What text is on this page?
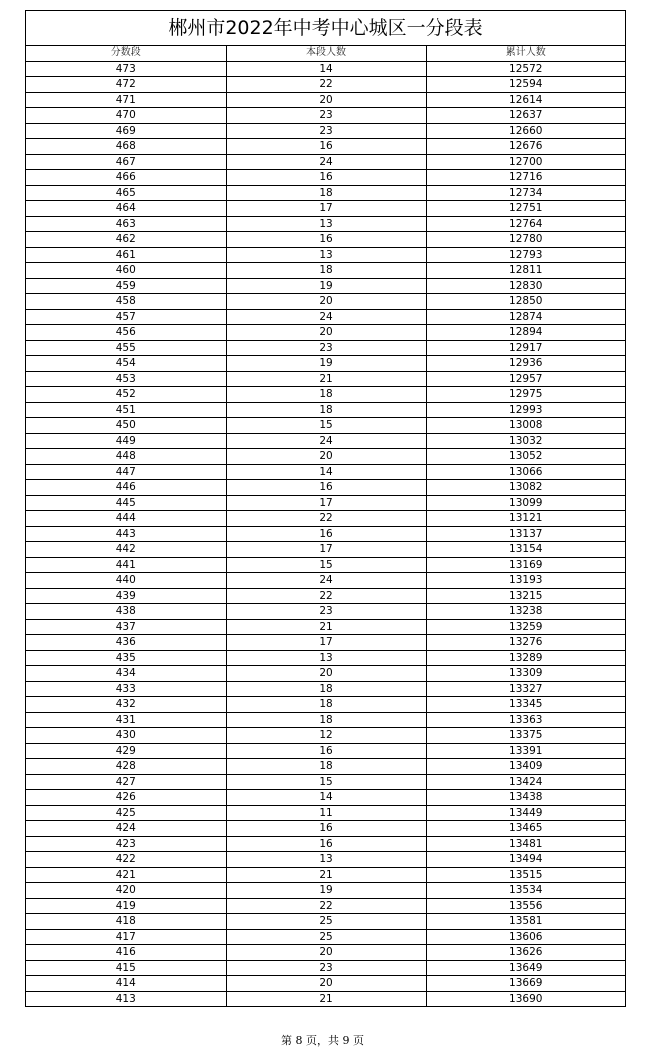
郴州市2022年中考中心城区一分段表
分数段	本段人数	累计人数
473	14	12572
472	22	12594
471	20	12614
470	23	12637
469	23	12660
468	16	12676
467	24	12700
466	16	12716
465	18	12734
464	17	12751
463	13	12764
462	16	12780
461	13	12793
460	18	12811
459	19	12830
458	20	12850
457	24	12874
456	20	12894
455	23	12917
454	19	12936
453	21	12957
452	18	12975
451	18	12993
450	15	13008
449	24	13032
448	20	13052
447	14	13066
446	16	13082
445	17	13099
444	22	13121
443	16	13137
442	17	13154
441	15	13169
440	24	13193
439	22	13215
438	23	13238
437	21	13259
436	17	13276
435	13	13289
434	20	13309
433	18	13327
432	18	13345
431	18	13363
430	12	13375
429	16	13391
428	18	13409
427	15	13424
426	14	13438
425	11	13449
424	16	13465
423	16	13481
422	13	13494
421	21	13515
420	19	13534
419	22	13556
418	25	13581
417	25	13606
416	20	13626
415	23	13649
414	20	13669
413	21	13690
第 8 页，共 9 页
